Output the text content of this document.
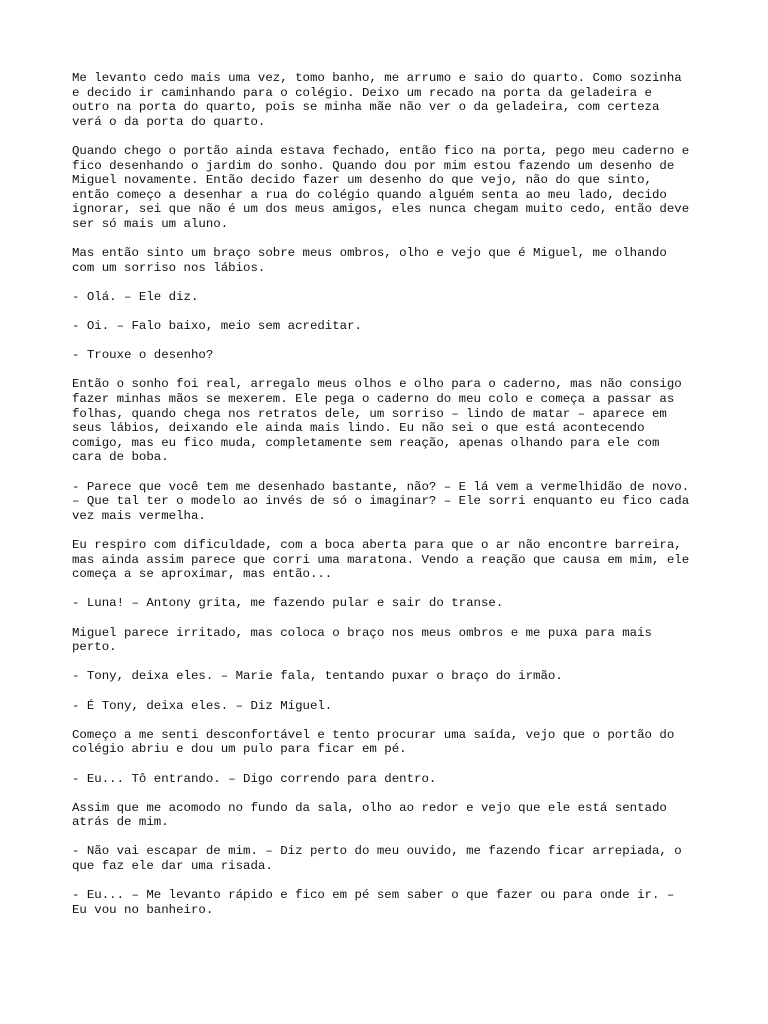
Me levanto cedo mais uma vez, tomo banho, me arrumo e saio do quarto. Como sozinha
e decido ir caminhando para o colégio. Deixo um recado na porta da geladeira e
outro na porta do quarto, pois se minha mãe não ver o da geladeira, com certeza
verá o da porta do quarto.

Quando chego o portão ainda estava fechado, então fico na porta, pego meu caderno e
fico desenhando o jardim do sonho. Quando dou por mim estou fazendo um desenho de
Miguel novamente. Então decido fazer um desenho do que vejo, não do que sinto,
então começo a desenhar a rua do colégio quando alguém senta ao meu lado, decido
ignorar, sei que não é um dos meus amigos, eles nunca chegam muito cedo, então deve
ser só mais um aluno.

Mas então sinto um braço sobre meus ombros, olho e vejo que é Miguel, me olhando
com um sorriso nos lábios.

- Olá. – Ele diz.

- Oi. – Falo baixo, meio sem acreditar.

- Trouxe o desenho?

Então o sonho foi real, arregalo meus olhos e olho para o caderno, mas não consigo
fazer minhas mãos se mexerem. Ele pega o caderno do meu colo e começa a passar as
folhas, quando chega nos retratos dele, um sorriso – lindo de matar – aparece em
seus lábios, deixando ele ainda mais lindo. Eu não sei o que está acontecendo
comigo, mas eu fico muda, completamente sem reação, apenas olhando para ele com
cara de boba.

- Parece que você tem me desenhado bastante, não? – E lá vem a vermelhidão de novo.
– Que tal ter o modelo ao invés de só o imaginar? – Ele sorri enquanto eu fico cada
vez mais vermelha.

Eu respiro com dificuldade, com a boca aberta para que o ar não encontre barreira,
mas ainda assim parece que corri uma maratona. Vendo a reação que causa em mim, ele
começa a se aproximar, mas então...

- Luna! – Antony grita, me fazendo pular e sair do transe.

Miguel parece irritado, mas coloca o braço nos meus ombros e me puxa para mais
perto.

- Tony, deixa eles. – Marie fala, tentando puxar o braço do irmão.

- É Tony, deixa eles. – Diz Miguel.

Começo a me senti desconfortável e tento procurar uma saída, vejo que o portão do
colégio abriu e dou um pulo para ficar em pé.

- Eu... Tô entrando. – Digo correndo para dentro.

Assim que me acomodo no fundo da sala, olho ao redor e vejo que ele está sentado
atrás de mim.

- Não vai escapar de mim. – Diz perto do meu ouvido, me fazendo ficar arrepiada, o
que faz ele dar uma risada.

- Eu... – Me levanto rápido e fico em pé sem saber o que fazer ou para onde ir. –
Eu vou no banheiro.
